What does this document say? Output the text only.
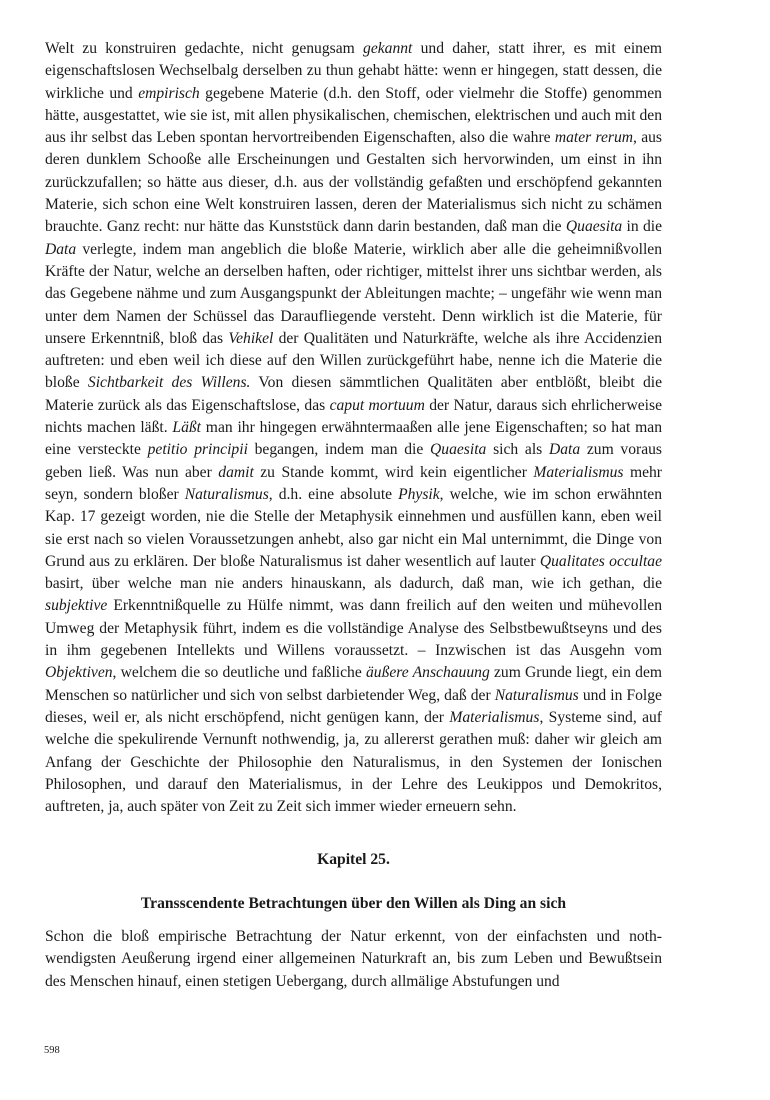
Welt zu konstruiren gedachte, nicht genugsam gekannt und daher, statt ihrer, es mit einem eigenschaftslosen Wechselbalg derselben zu thun gehabt hätte: wenn er hingegen, statt dessen, die wirkliche und empirisch gegebene Materie (d.h. den Stoff, oder vielmehr die Stoffe) genommen hätte, ausgestattet, wie sie ist, mit allen physikalischen, chemischen, elektrischen und auch mit den aus ihr selbst das Leben spontan hervortreibenden Eigenschaften, also die wahre mater rerum, aus deren dunklem Schooße alle Erscheinungen und Gestalten sich hervorwinden, um einst in ihn zurückzufallen; so hätte aus dieser, d.h. aus der vollständig gefaßten und erschöpfend gekannten Materie, sich schon eine Welt konstruiren lassen, deren der Materialismus sich nicht zu schämen brauchte. Ganz recht: nur hätte das Kunststück dann darin bestanden, daß man die Quaesita in die Data verlegte, indem man angeblich die bloße Materie, wirklich aber alle die geheimnißvollen Kräfte der Natur, welche an derselben haften, oder richtiger, mittelst ihrer uns sichtbar werden, als das Gegebene nähme und zum Ausgangspunkt der Ableitungen machte; – ungefähr wie wenn man unter dem Namen der Schüssel das Daraufliegende versteht. Denn wirklich ist die Materie, für unsere Erkenntniß, bloß das Vehikel der Qualitäten und Naturkräfte, welche als ihre Accidenzien auftreten: und eben weil ich diese auf den Willen zurückgeführt habe, nenne ich die Materie die bloße Sichtbarkeit des Willens. Von diesen sämmtlichen Qualitäten aber entblößt, bleibt die Materie zurück als das Eigenschaftslose, das caput mortuum der Natur, daraus sich ehrlicherweise nichts machen läßt. Läßt man ihr hingegen erwähntermaaßen alle jene Eigenschaften; so hat man eine versteckte petitio principii begangen, indem man die Quaesita sich als Data zum voraus geben ließ. Was nun aber damit zu Stande kommt, wird kein eigentlicher Materialismus mehr seyn, sondern bloßer Naturalismus, d.h. eine absolute Physik, welche, wie im schon erwähnten Kap. 17 gezeigt worden, nie die Stelle der Metaphysik einnehmen und ausfüllen kann, eben weil sie erst nach so vielen Voraussetzungen anhebt, also gar nicht ein Mal unternimmt, die Dinge von Grund aus zu erklären. Der bloße Naturalismus ist daher wesentlich auf lauter Qualitates occultae basirt, über welche man nie anders hinauskann, als dadurch, daß man, wie ich gethan, die subjektive Erkenntnißquelle zu Hülfe nimmt, was dann freilich auf den weiten und mühevollen Umweg der Metaphysik führt, indem es die vollständige Analyse des Selbstbewußtseyns und des in ihm gegebenen Intellekts und Willens voraussetzt. – Inzwischen ist das Ausgehn vom Objektiven, welchem die so deutliche und faßliche äußere Anschauung zum Grunde liegt, ein dem Menschen so natürlicher und sich von selbst darbietender Weg, daß der Naturalismus und in Folge dieses, weil er, als nicht erschöpfend, nicht genügen kann, der Materialismus, Systeme sind, auf welche die spekulirende Vernunft nothwendig, ja, zu allererst gerathen muß: daher wir gleich am Anfang der Geschichte der Philosophie den Naturalismus, in den Systemen der Ionischen Philosophen, und darauf den Materialismus, in der Lehre des Leukippos und Demokritos, auftreten, ja, auch später von Zeit zu Zeit sich immer wieder erneuern sehn.

Kapitel 25.
Transscendente Betrachtungen über den Willen als Ding an sich

Schon die bloß empirische Betrachtung der Natur erkennt, von der einfachsten und nothwendigsten Aeußerung irgend einer allgemeinen Naturkraft an, bis zum Leben und Bewußtsein des Menschen hinauf, einen stetigen Uebergang, durch allmälige Abstufungen und

598
